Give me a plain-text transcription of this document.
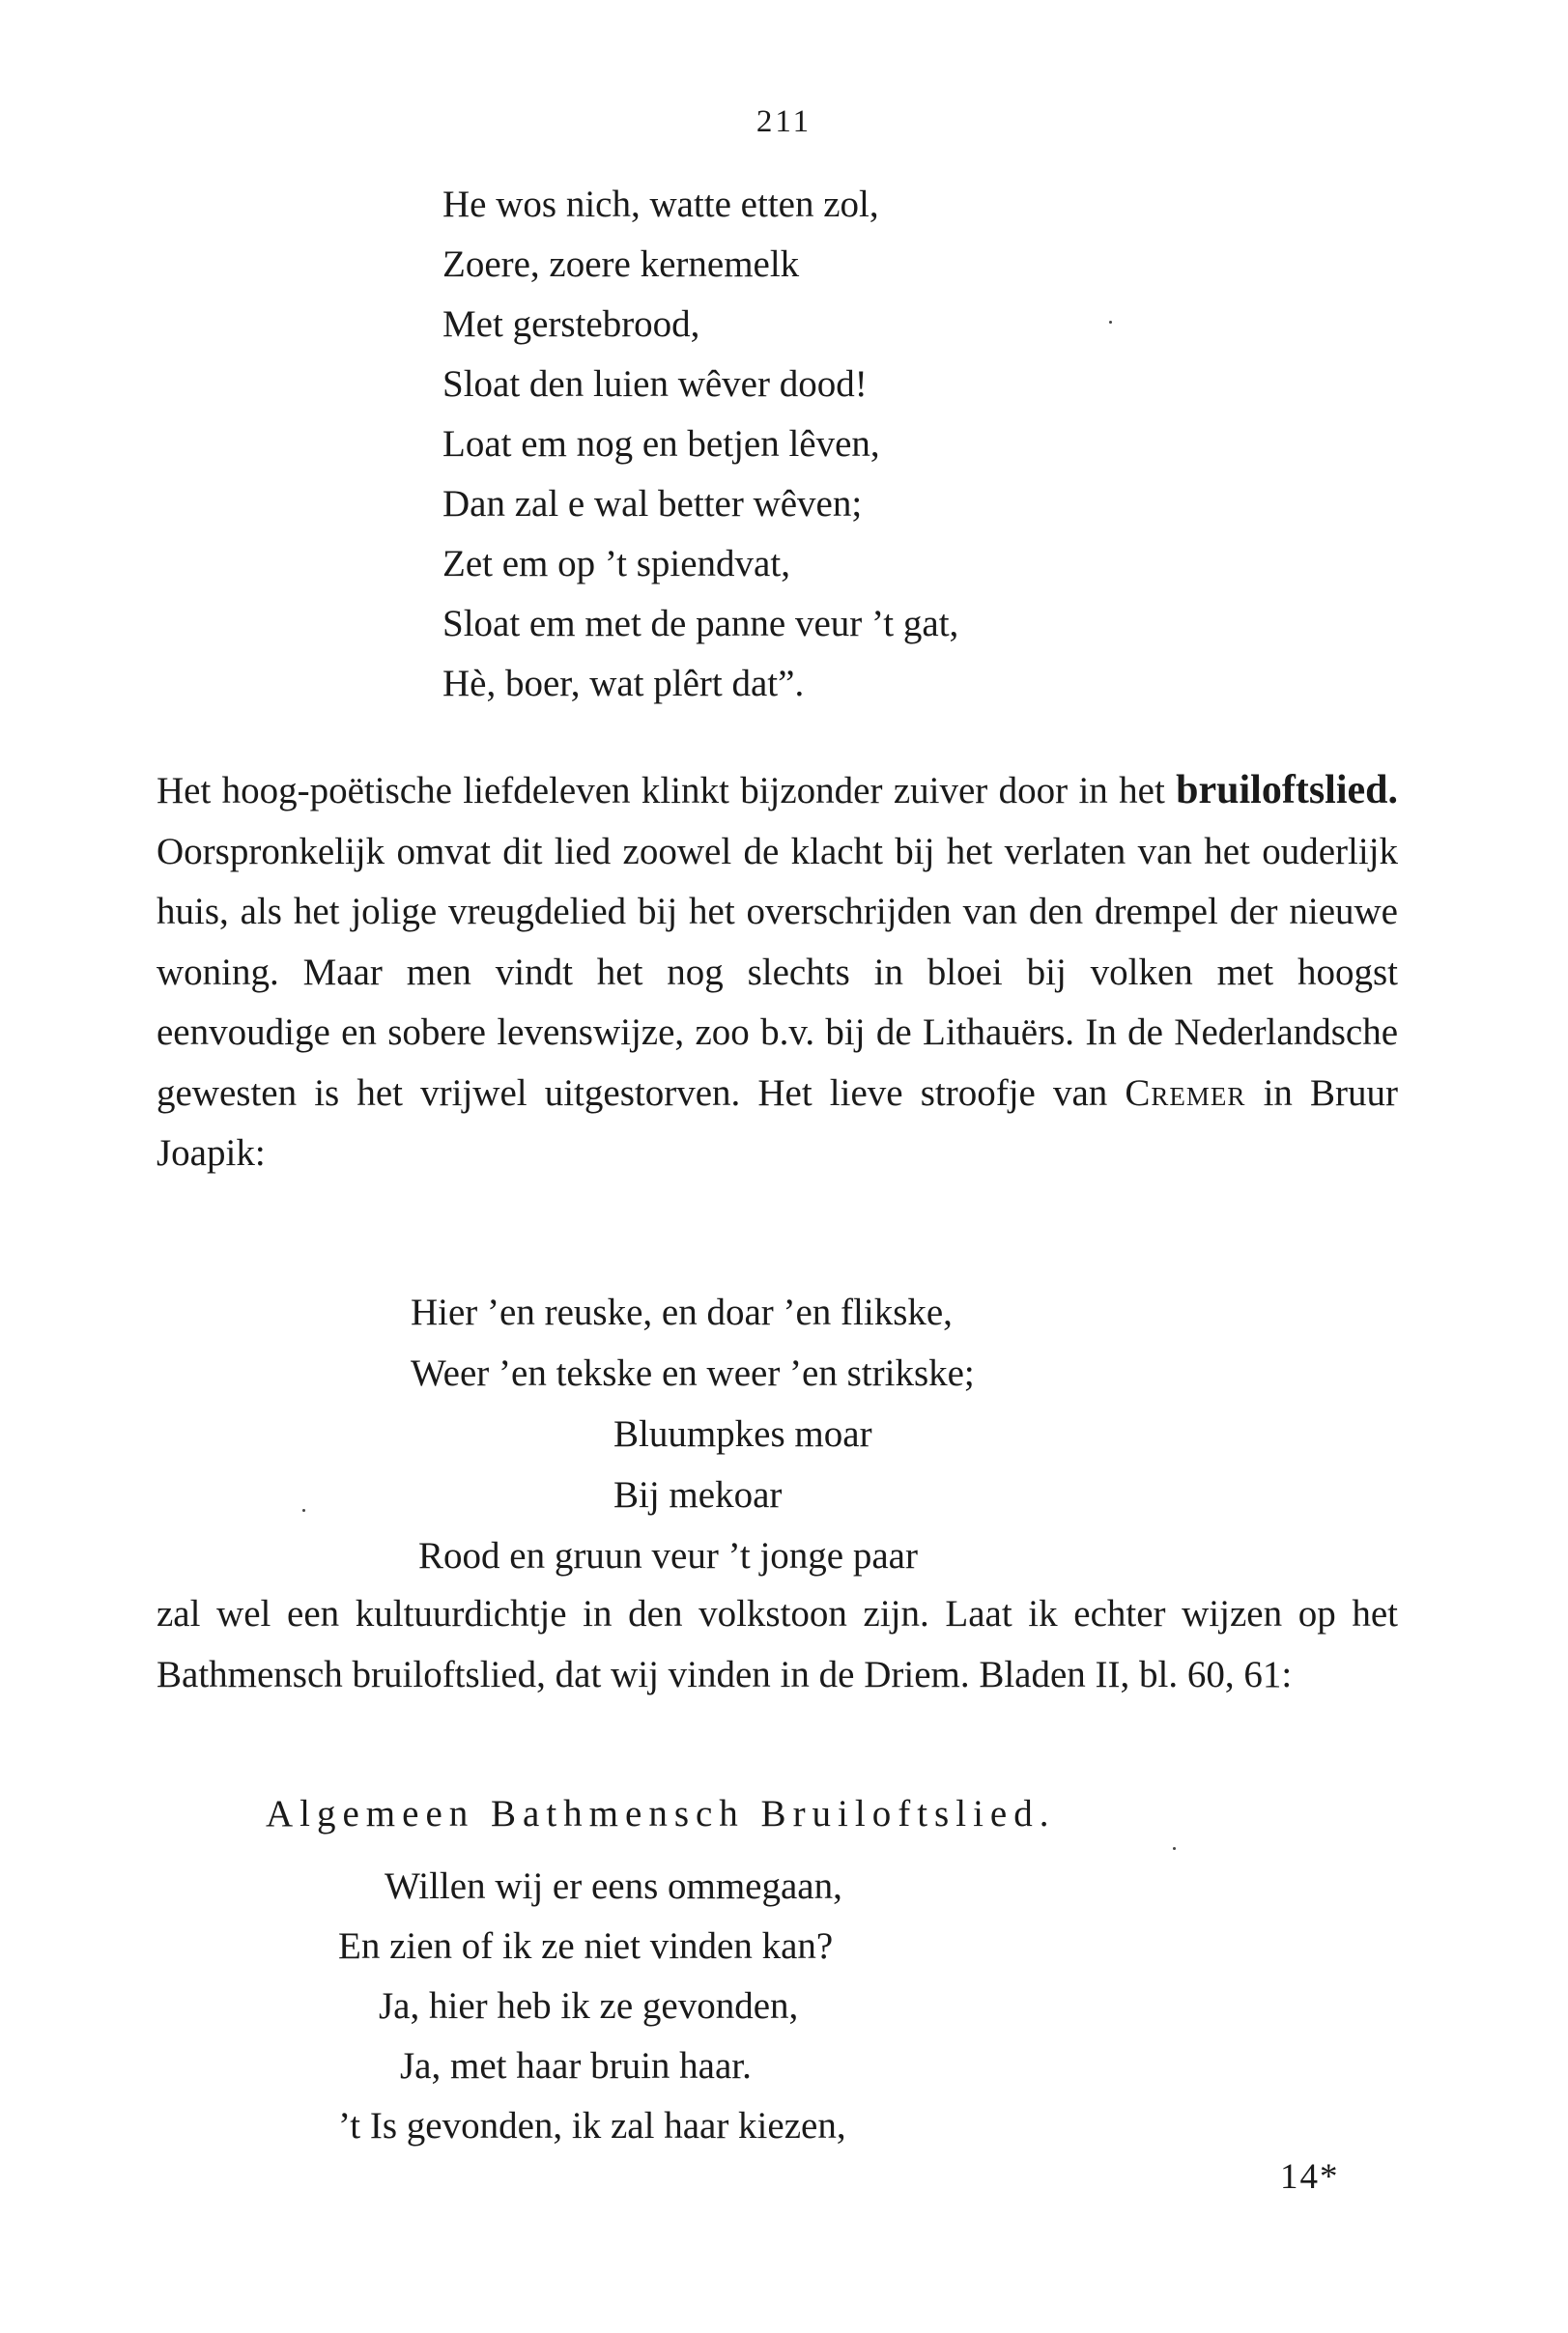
211
He wos nich, watte etten zol,
Zoere, zoere kernemelk
Met gerstebrood,
Sloat den luien wêver dood!
Loat em nog en betjen lêven,
Dan zal e wal better wêven;
Zet em op ’t spiendvat,
Sloat em met de panne veur ’t gat,
Hè, boer, wat plêrt dat”.
Het hoog-poëtische liefdeleven klinkt bijzonder zuiver door in het bruiloftslied. Oorspronkelijk omvat dit lied zoowel de klacht bij het verlaten van het ouderlijk huis, als het jolige vreugdelied bij het overschrijden van den drempel der nieuwe woning. Maar men vindt het nog slechts in bloei bij volken met hoogst eenvoudige en sobere levenswijze, zoo b.v. bij de Lithauërs. In de Nederlandsche gewesten is het vrijwel uitgestorven. Het lieve stroofje van Cremer in Bruur Joapik:
Hier ’en reuske, en doar ’en flikske,
Weer ’en tekske en weer ’en strikske;
Bluumpkes moar
Bij mekoar
Rood en gruun veur ’t jonge paar
zal wel een kultuurdichtje in den volkstoon zijn. Laat ik echter wijzen op het Bathmensch bruiloftslied, dat wij vinden in de Driem. Bladen II, bl. 60, 61:
Algemeen Bathmensch Bruiloftslied.
Willen wij er eens ommegaan,
En zien of ik ze niet vinden kan?
Ja, hier heb ik ze gevonden,
Ja, met haar bruin haar.
’t Is gevonden, ik zal haar kiezen,
14*
